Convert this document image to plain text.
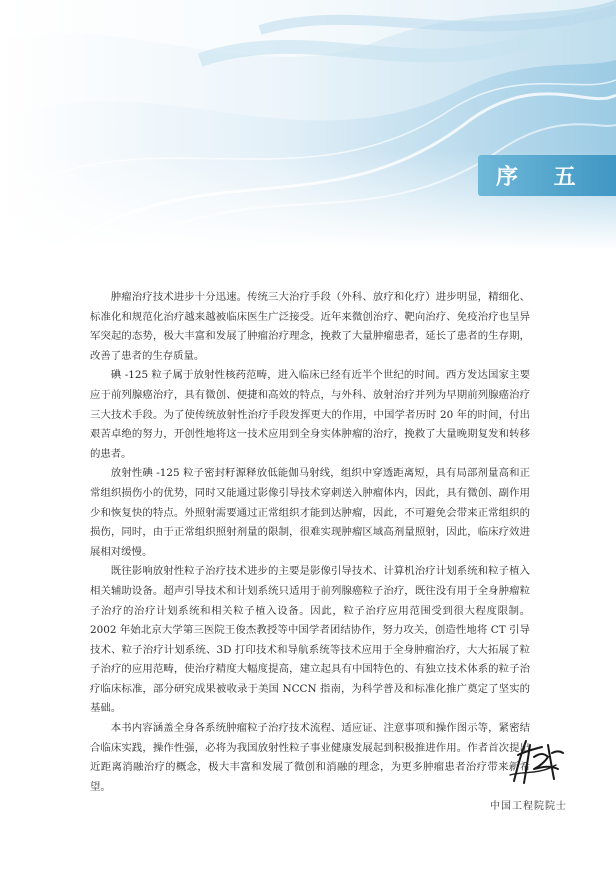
序 五

肿瘤治疗技术进步十分迅速。传统三大治疗手段（外科、放疗和化疗）进步明显，精细化、标准化和规范化治疗越来越被临床医生广泛接受。近年来微创治疗、靶向治疗、免疫治疗也呈异军突起的态势，极大丰富和发展了肿瘤治疗理念，挽救了大量肿瘤患者，延长了患者的生存期，改善了患者的生存质量。

碘 -125 粒子属于放射性核药范畴，进入临床已经有近半个世纪的时间。西方发达国家主要应于前列腺癌治疗，具有微创、便捷和高效的特点，与外科、放射治疗并列为早期前列腺癌治疗三大技术手段。为了使传统放射性治疗手段发挥更大的作用，中国学者历时 20 年的时间，付出艰苦卓绝的努力，开创性地将这一技术应用到全身实体肿瘤的治疗，挽救了大量晚期复发和转移的患者。

放射性碘 -125 粒子密封籽源释放低能伽马射线，组织中穿透距离短，具有局部剂量高和正常组织损伤小的优势，同时又能通过影像引导技术穿刺送入肿瘤体内，因此，具有微创、副作用少和恢复快的特点。外照射需要通过正常组织才能到达肿瘤，因此，不可避免会带来正常组织的损伤，同时，由于正常组织照射剂量的限制，很难实现肿瘤区域高剂量照射，因此，临床疗效进展相对缓慢。

既往影响放射性粒子治疗技术进步的主要是影像引导技术、计算机治疗计划系统和粒子植入相关辅助设备。超声引导技术和计划系统只适用于前列腺癌粒子治疗，既往没有用于全身肿瘤粒子治疗的治疗计划系统和相关粒子植入设备。因此，粒子治疗应用范围受到很大程度限制。2002 年始北京大学第三医院王俊杰教授等中国学者团结协作，努力攻关，创造性地将 CT 引导技术、粒子治疗计划系统、3D 打印技术和导航系统等技术应用于全身肿瘤治疗，大大拓展了粒子治疗的应用范畴，使治疗精度大幅度提高，建立起具有中国特色的、有独立技术体系的粒子治疗临床标准，部分研究成果被收录于美国 NCCN 指南，为科学普及和标准化推广奠定了坚实的基础。

本书内容涵盖全身各系统肿瘤粒子治疗技术流程、适应证、注意事项和操作图示等，紧密结合临床实践，操作性强，必将为我国放射性粒子事业健康发展起到积极推进作用。作者首次提出近距离消融治疗的概念，极大丰富和发展了微创和消融的理念，为更多肿瘤患者治疗带来新希望。

中国工程院院士
